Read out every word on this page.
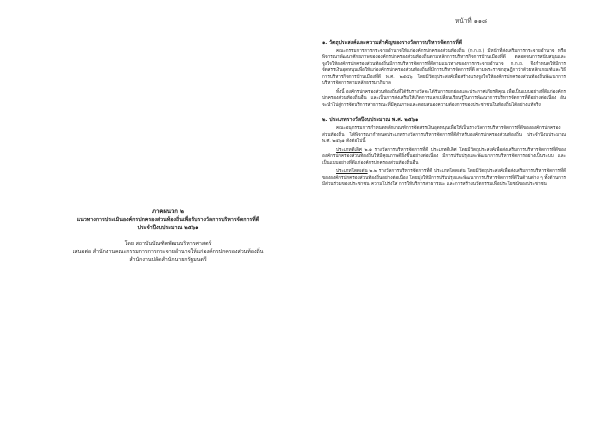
หน้าที่ ๑๑๘
ภาคผนวก ๒
แนวทางการประเมินองค์กรปกครองส่วนท้องถิ่นเพื่อรับรางวัลการบริหารจัดการที่ดี
ประจำปีงบประมาณ ๒๕๖๑
โดย สถาบันบัณฑิตพัฒนบริหารศาสตร์
เสนอต่อ สำนักงานคณะกรรมการการกระจายอำนาจให้แก่องค์กรปกครองส่วนท้องถิ่น
สำนักงานปลัดสำนักนายกรัฐมนตรี
๑. วัตถุประสงค์และความสำคัญของรางวัลการบริหารจัดการที่ดี

คณะกรรมการการกระจายอำนาจให้แก่องค์กรปกครองส่วนท้องถิ่น (ก.ก.ถ.) มีหน้าที่ส่งเสริมการกระจายอำนาจ หรือพิจารณาพัฒนาศักยภาพขององค์กรปกครองส่วนท้องถิ่นตามหลักการบริหารกิจการบ้านเมืองที่ดี ตลอดจนการสนับสนุนและจูงใจให้องค์กรปกครองส่วนท้องถิ่นมีการบริหารจัดการที่ดีตามแนวทางของการกระจายอำนาจ ก.ก.ถ. จึงกำหนดให้มีการจัดสรรเงินอุดหนุนเพื่อให้แก่องค์กรปกครองส่วนท้องถิ่นที่มีการบริหารจัดการที่ดี ตามพระราชกฤษฎีกาว่าด้วยหลักเกณฑ์และวิธีการบริหารกิจการบ้านเมืองที่ดี พ.ศ. ๒๕๔๖ โดยมีวัตถุประสงค์เพื่อสร้างแรงจูงใจให้องค์กรปกครองส่วนท้องถิ่นพัฒนาการบริหารจัดการตามหลักธรรมาภิบาล

ทั้งนี้ องค์กรปกครองส่วนท้องถิ่นที่ได้รับรางวัลจะได้รับการยกย่องและประกาศเกียรติคุณ เพื่อเป็นแบบอย่างที่ดีแก่องค์กรปกครองส่วนท้องถิ่นอื่น และเป็นการส่งเสริมให้เกิดการแลกเปลี่ยนเรียนรู้ในการพัฒนาการบริหารจัดการที่ดีอย่างต่อเนื่อง อันจะนำไปสู่การจัดบริการสาธารณะที่มีคุณภาพและตอบสนองความต้องการของประชาชนในท้องถิ่นได้อย่างแท้จริง

๒. ประเภทรางวัลปีงบประมาณ พ.ศ. ๒๕๖๑

คณะอนุกรรมการกำหนดหลักเกณฑ์การจัดสรรเงินอุดหนุนเพื่อให้เป็นรางวัลการบริหารจัดการที่ดีขององค์กรปกครองส่วนท้องถิ่น ได้พิจารณากำหนดประเภทรางวัลการบริหารจัดการที่ดีสำหรับองค์กรปกครองส่วนท้องถิ่น ประจำปีงบประมาณ พ.ศ. ๒๕๖๑ ดังต่อไปนี้

ประเภทดีเลิศ ๒.๑ รางวัลการบริหารจัดการที่ดี ประเภทดีเลิศ โดยมีวัตถุประสงค์เพื่อส่งเสริมการบริหารจัดการที่ดีขององค์กรปกครองส่วนท้องถิ่นให้มีคุณภาพดียิ่งขึ้นอย่างต่อเนื่อง มีการปรับปรุงและพัฒนาการบริหารจัดการอย่างเป็นระบบ และเป็นแบบอย่างที่ดีแก่องค์กรปกครองส่วนท้องถิ่นอื่น

ประเภทโดดเด่น ๒.๒ รางวัลการบริหารจัดการที่ดี ประเภทโดดเด่น โดยมีวัตถุประสงค์เพื่อส่งเสริมการบริหารจัดการที่ดีขององค์กรปกครองส่วนท้องถิ่นอย่างต่อเนื่อง โดยมุ่งให้มีการปรับปรุงและพัฒนาการบริหารจัดการที่ดีในด้านต่าง ๆ ทั้งด้านการมีส่วนร่วมของประชาชน ความโปร่งใส การให้บริการสาธารณะ และการสร้างนวัตกรรมเพื่อประโยชน์ของประชาชน
